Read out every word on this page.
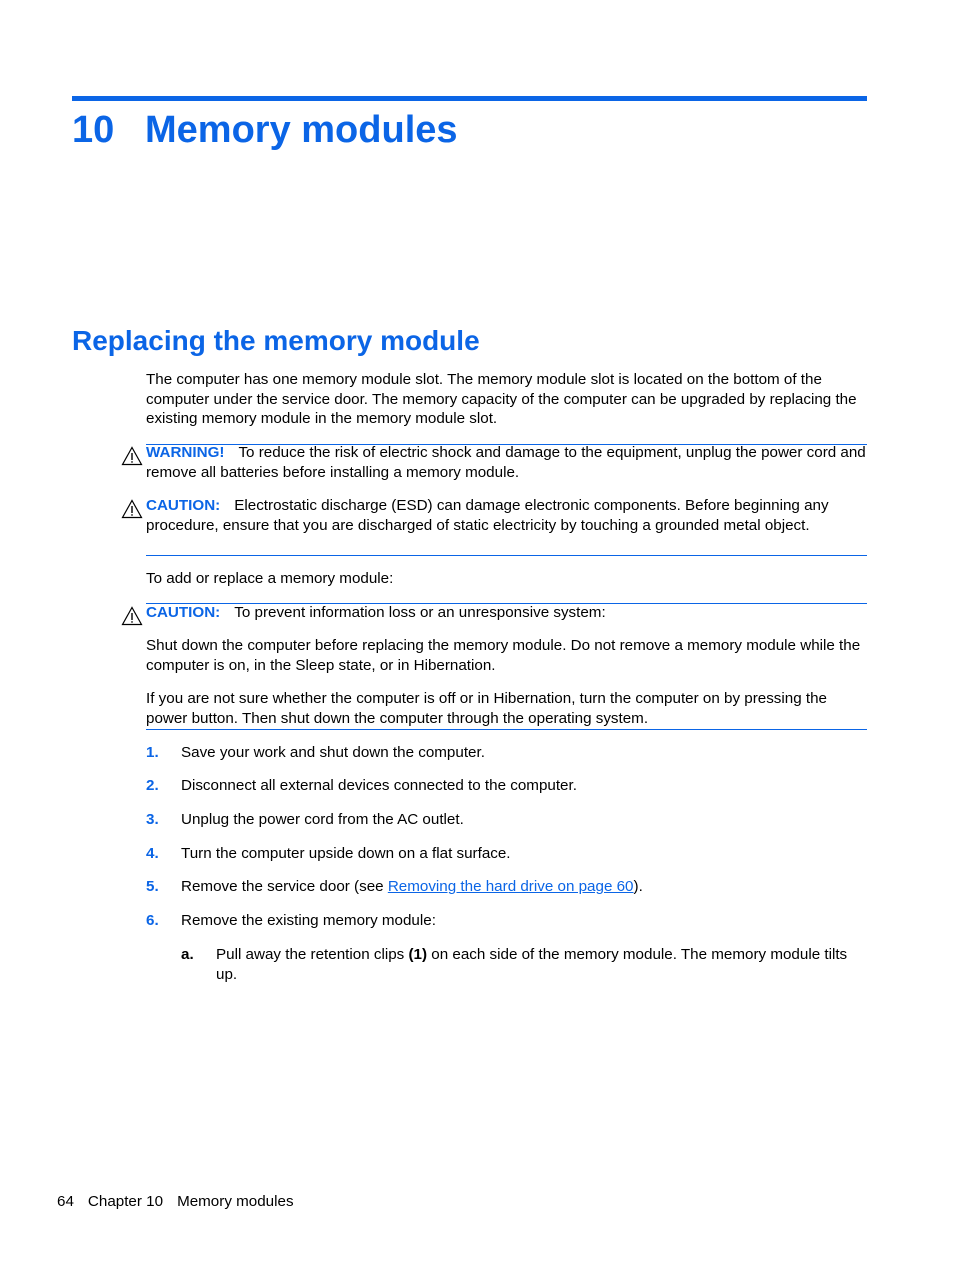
10 Memory modules
Replacing the memory module
The computer has one memory module slot. The memory module slot is located on the bottom of the computer under the service door. The memory capacity of the computer can be upgraded by replacing the existing memory module in the memory module slot.
WARNING! To reduce the risk of electric shock and damage to the equipment, unplug the power cord and remove all batteries before installing a memory module.
CAUTION: Electrostatic discharge (ESD) can damage electronic components. Before beginning any procedure, ensure that you are discharged of static electricity by touching a grounded metal object.
To add or replace a memory module:
CAUTION: To prevent information loss or an unresponsive system:
Shut down the computer before replacing the memory module. Do not remove a memory module while the computer is on, in the Sleep state, or in Hibernation.
If you are not sure whether the computer is off or in Hibernation, turn the computer on by pressing the power button. Then shut down the computer through the operating system.
1. Save your work and shut down the computer.
2. Disconnect all external devices connected to the computer.
3. Unplug the power cord from the AC outlet.
4. Turn the computer upside down on a flat surface.
5. Remove the service door (see Removing the hard drive on page 60).
6. Remove the existing memory module:
a. Pull away the retention clips (1) on each side of the memory module. The memory module tilts up.
64 Chapter 10 Memory modules
